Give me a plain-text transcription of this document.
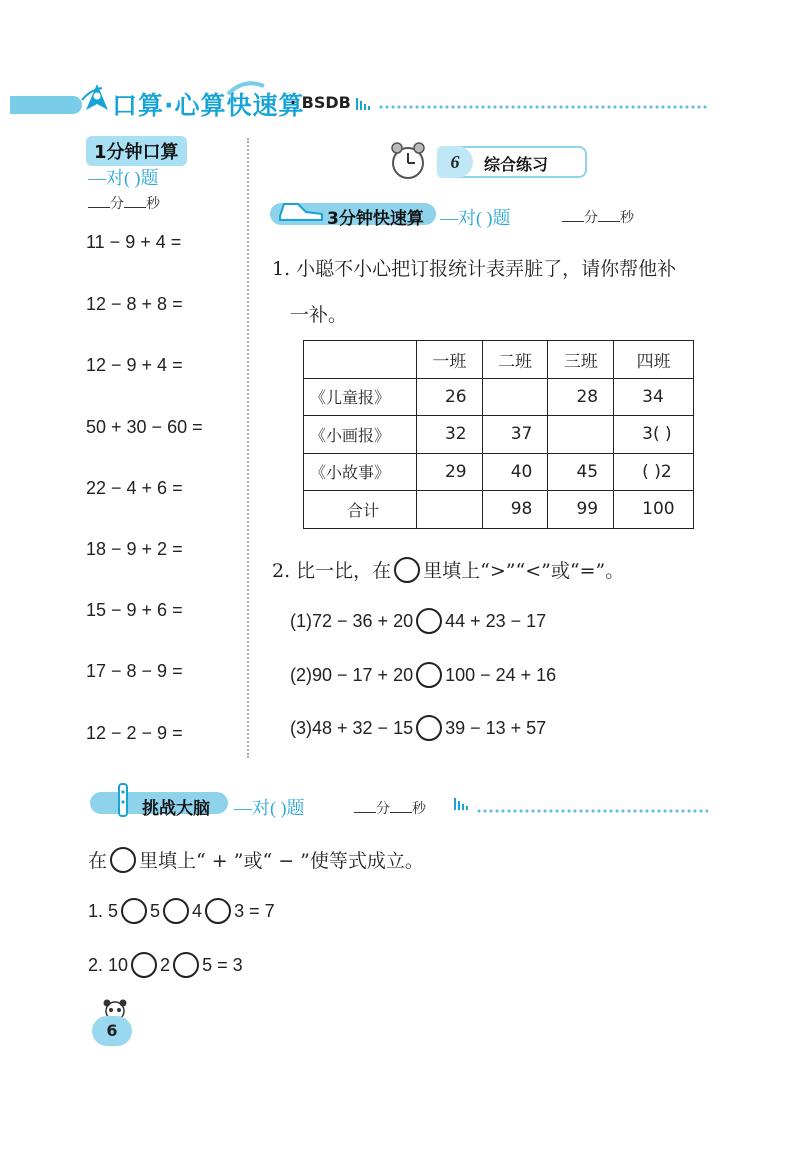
口算·心算快速算
· BSDB
1分钟口算
—对( )题
分 秒
11 − 9 + 4 =
12 − 8 + 8 =
12 − 9 + 4 =
50 + 30 − 60 =
22 − 4 + 6 =
18 − 9 + 2 =
15 − 9 + 6 =
17 − 8 − 9 =
12 − 2 − 9 =
6	综合练习
3分钟快速算 —对( )题	分 秒
1. 小聪不小心把订报统计表弄脏了，请你帮他补
一补。
	一班	二班	三班	四班
《儿童报》	26		28	34
《小画报》	32	37		3( )
《小故事》	29	40	45	( )2
合计		98	99	100
2. 比一比，在 里填上“>”“<”或“=”。
(1)72 − 36 + 20 44 + 23 − 17
(2)90 − 17 + 20 100 − 24 + 16
(3)48 + 32 − 15 39 − 13 + 57
挑战大脑 —对( )题	分 秒
在 里填上“ + ”或“ − ”使等式成立。
1. 5 5 4 3 = 7
2. 10 2 5 = 3
6
